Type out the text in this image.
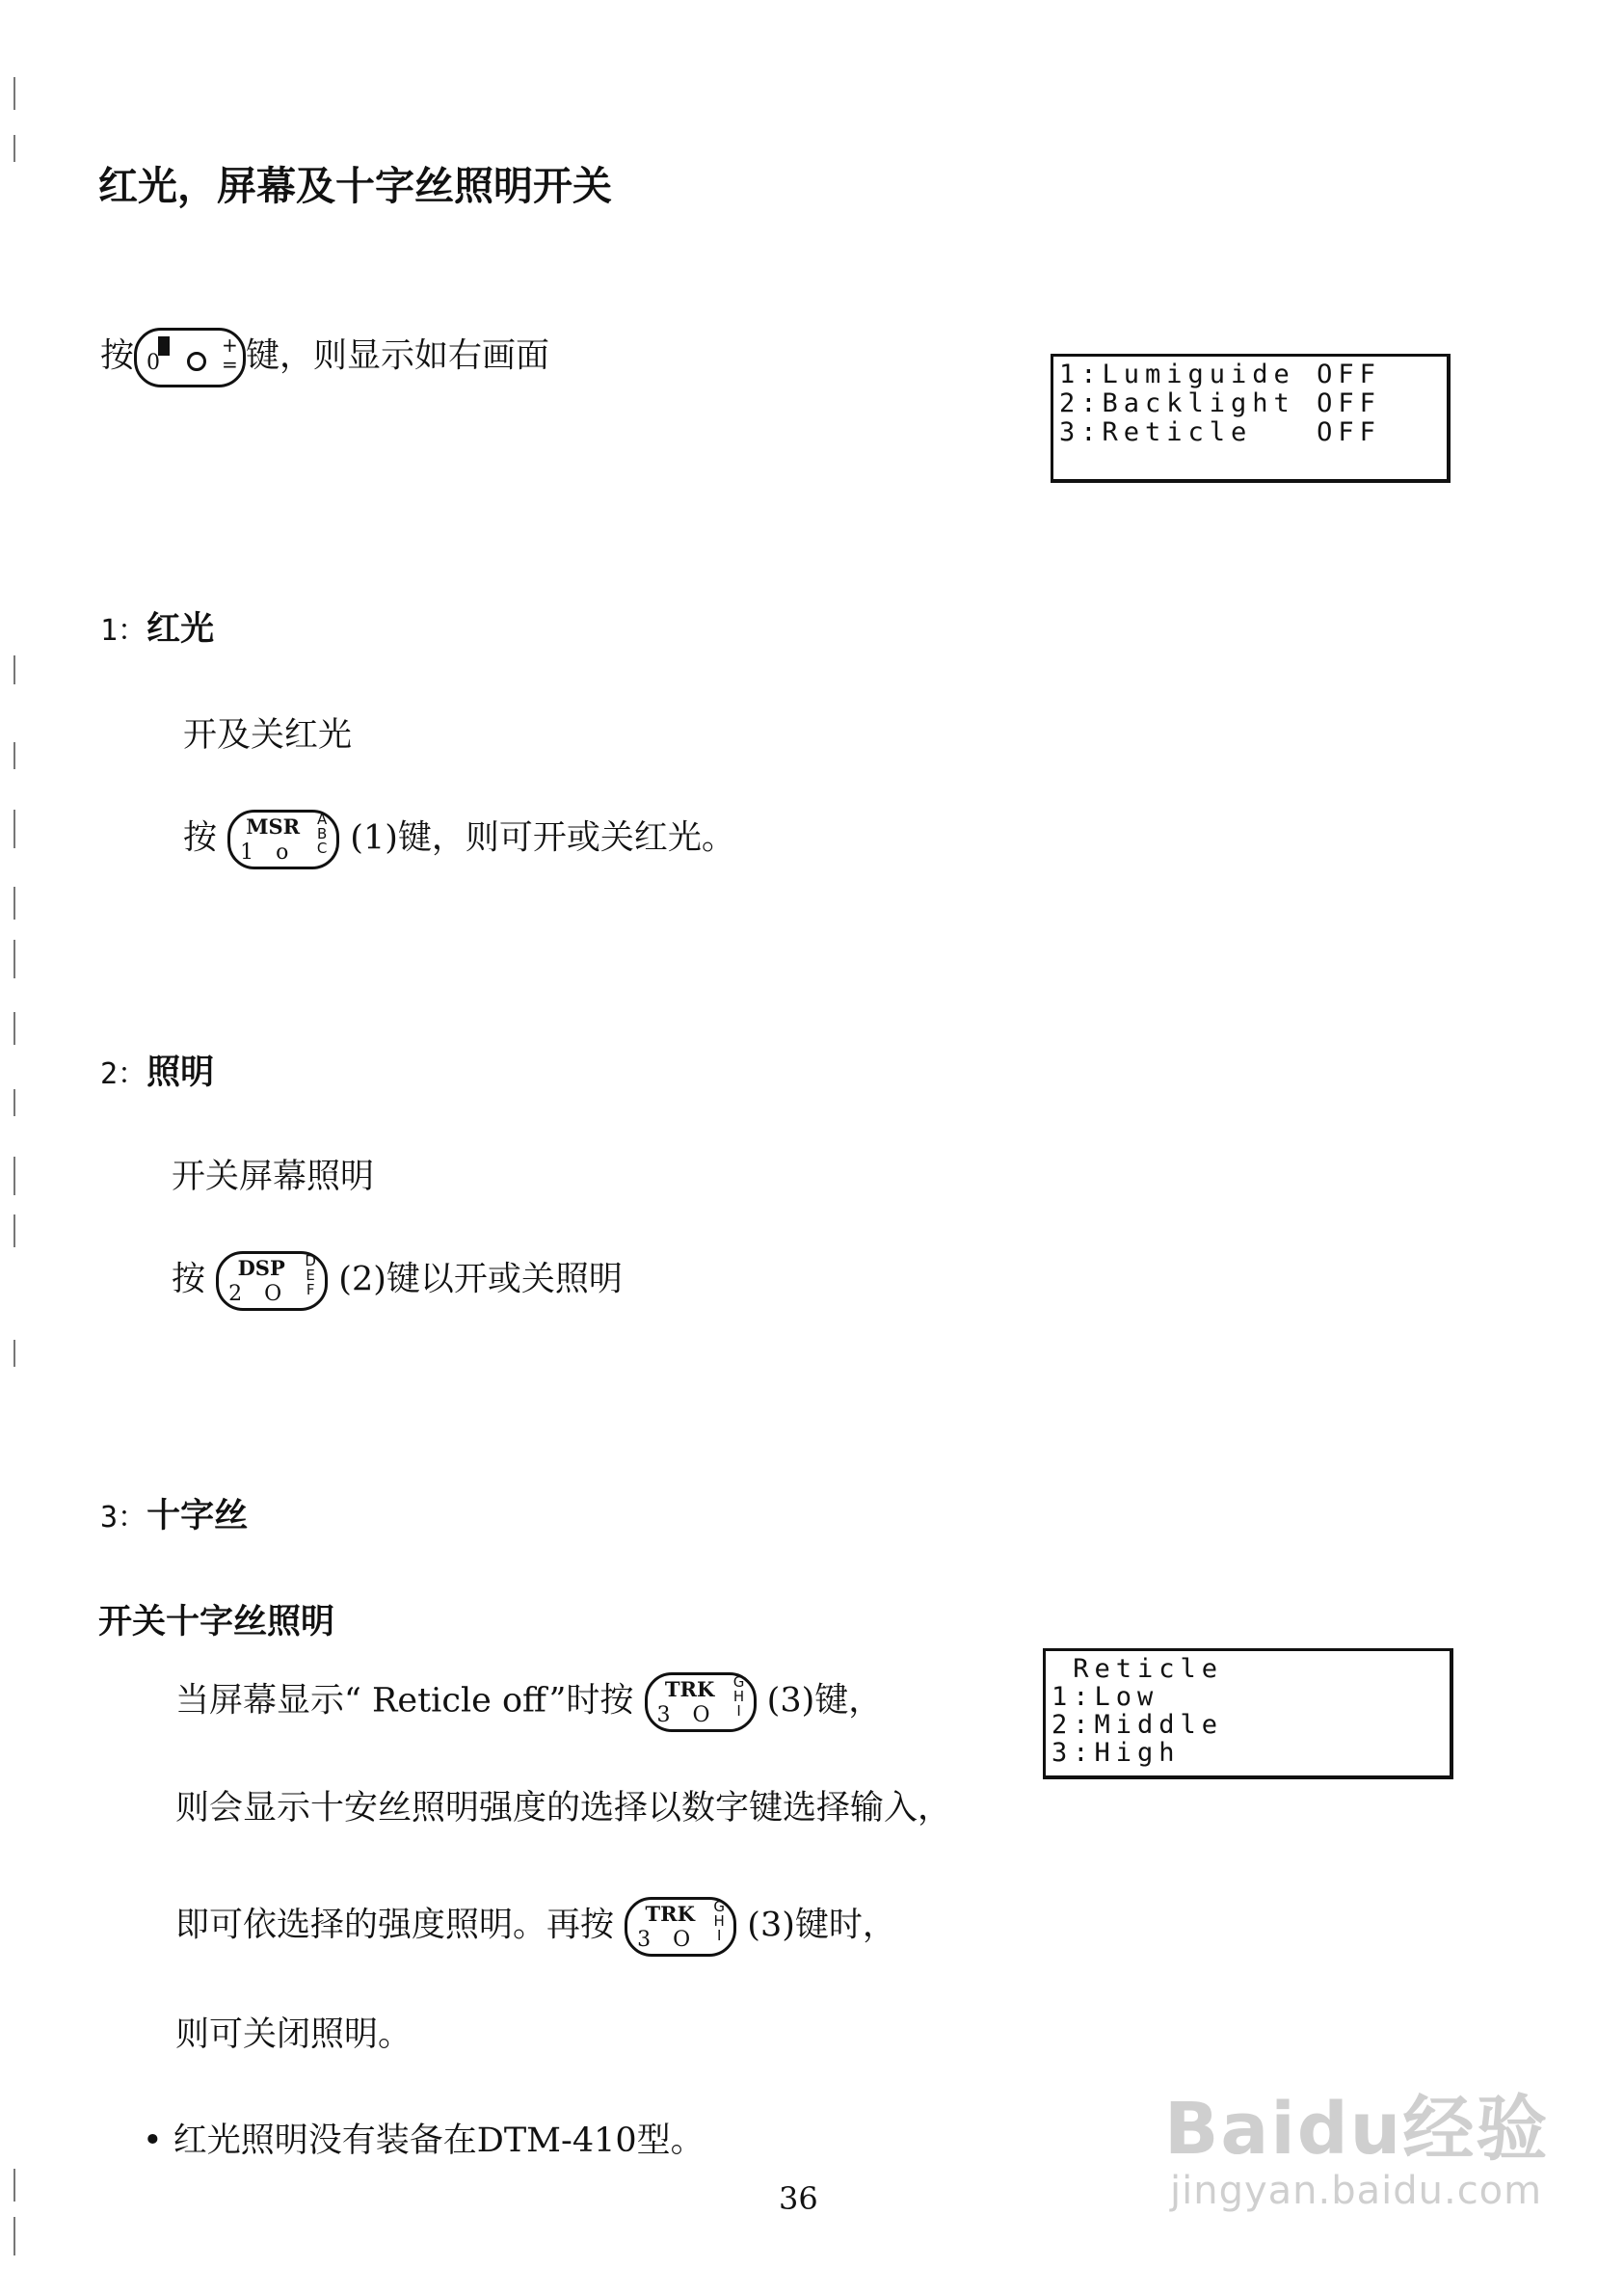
红光，屏幕及十字丝照明开关
按 0
+
= 键，则显示如右画面	1:Lumiguide OFF
2:Backlight OFF
3:Reticle   OFF
1：红光
开及关红光
按	MSR
1 o
A
B
C (1)键，则可开或关红光。
2：照明
开关屏幕照明
按	DSP
2 O
D
E
F (2)键以开或关照明
3：十字丝
开关十字丝照明
当屏幕显示“ Reticle off”时按	TRK
3 O
G
H
I (3)键，
则会显示十安丝照明强度的选择以数字键选择输入，
即可依选择的强度照明。再按	TRK
3 O
G
H
I (3)键时，
则可关闭照明。
Reticle
1:Low
2:Middle
3:High
• 红光照明没有装备在DTM-410型。
36
Baidu经验
jingyan.baidu.com
